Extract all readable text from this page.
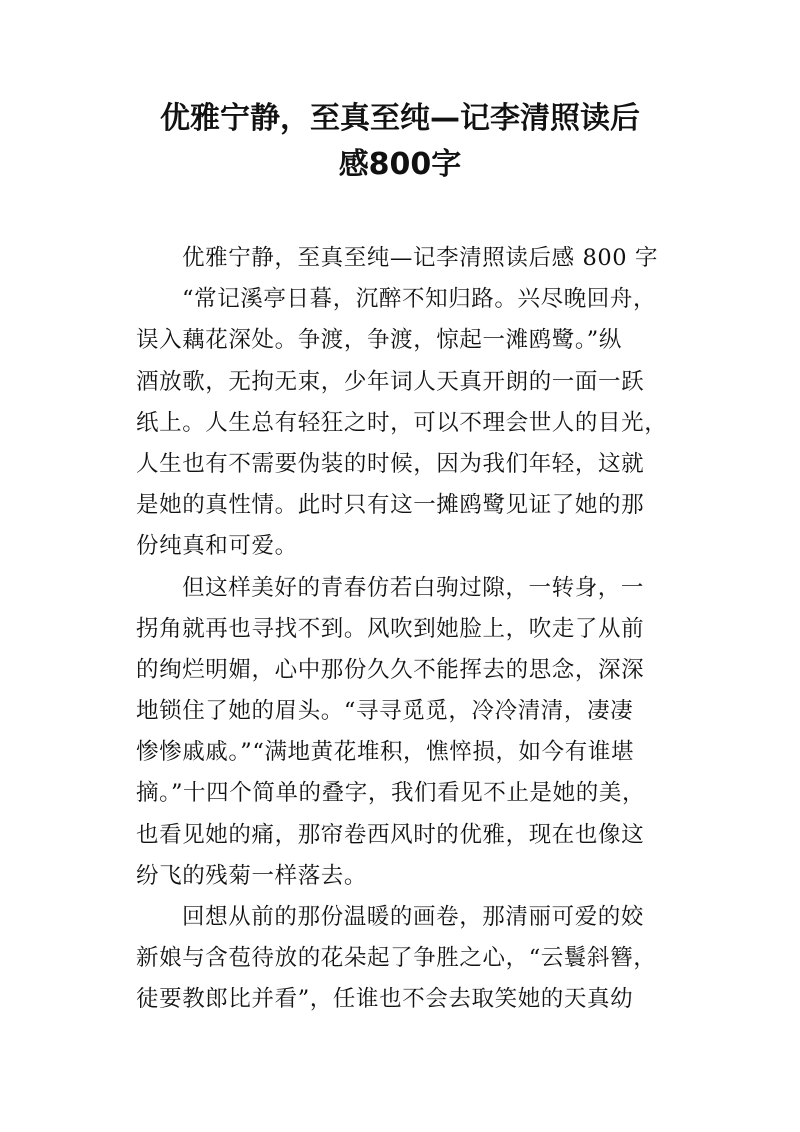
优雅宁静，至真至纯—记李清照读后
感800字
优雅宁静，至真至纯—记李清照读后感 800 字
“常记溪亭日暮，沉醉不知归路。兴尽晚回舟，
误入藕花深处。争渡，争渡，惊起一滩鸥鹭。”纵
酒放歌，无拘无束，少年词人天真开朗的一面一跃
纸上。人生总有轻狂之时，可以不理会世人的目光，
人生也有不需要伪装的时候，因为我们年轻，这就
是她的真性情。此时只有这一摊鸥鹭见证了她的那
份纯真和可爱。
但这样美好的青春仿若白驹过隙，一转身，一
拐角就再也寻找不到。风吹到她脸上，吹走了从前
的绚烂明媚，心中那份久久不能挥去的思念，深深
地锁住了她的眉头。“寻寻觅觅，冷冷清清，凄凄
惨惨戚戚。”“满地黄花堆积，憔悴损，如今有谁堪
摘。”十四个简单的叠字，我们看见不止是她的美，
也看见她的痛，那帘卷西风时的优雅，现在也像这
纷飞的残菊一样落去。
回想从前的那份温暖的画卷，那清丽可爱的姣
新娘与含苞待放的花朵起了争胜之心，“云鬟斜簪，
徒要教郎比并看”，任谁也不会去取笑她的天真幼
